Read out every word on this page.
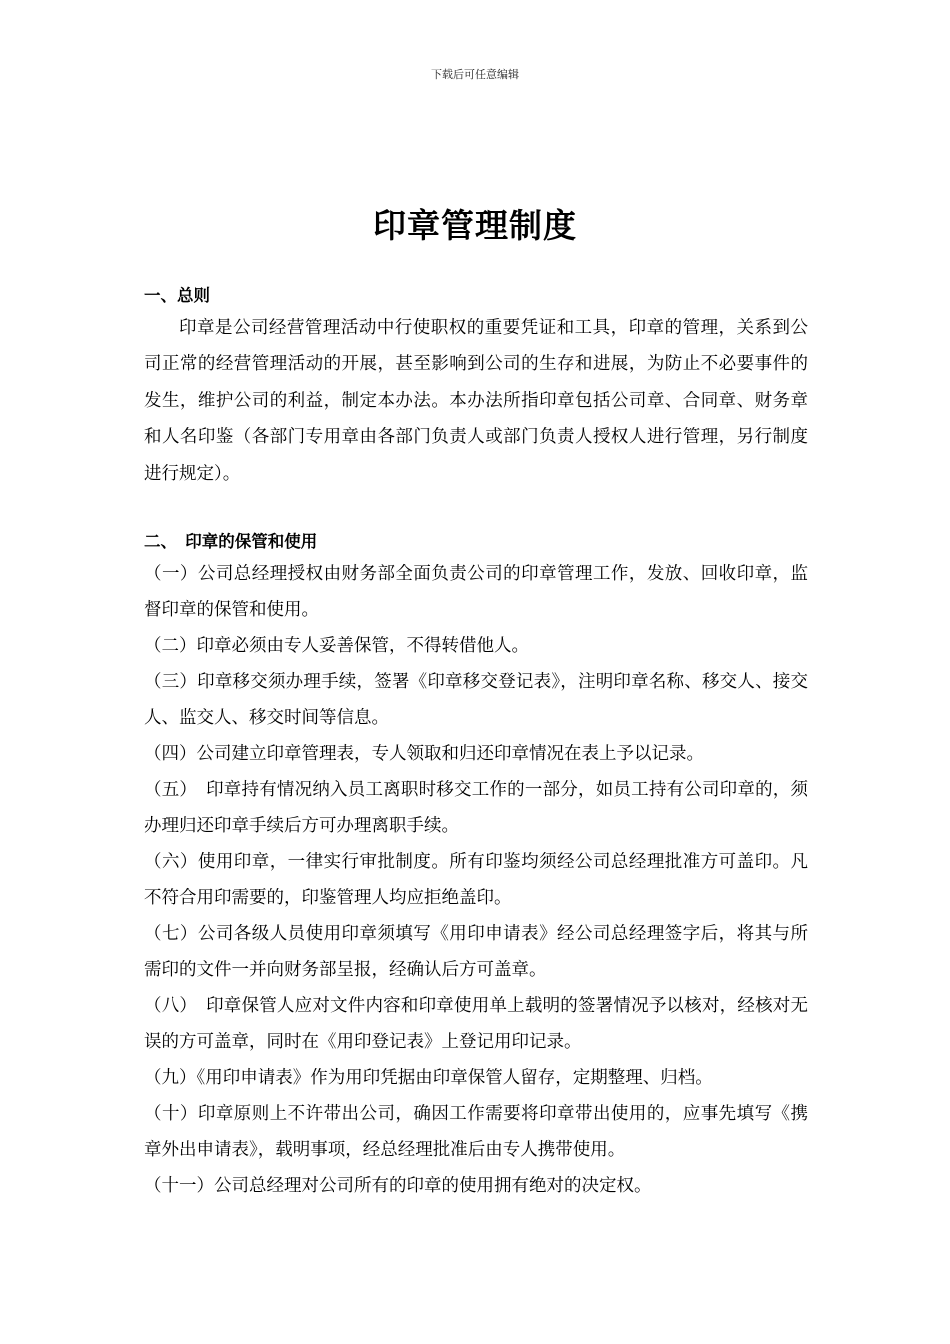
下载后可任意编辑
印章管理制度
一、总则

印章是公司经营管理活动中行使职权的重要凭证和工具，印章的管理，关系到公司正常的经营管理活动的开展，甚至影响到公司的生存和进展，为防止不必要事件的发生，维护公司的利益，制定本办法。本办法所指印章包括公司章、合同章、财务章和人名印鉴（各部门专用章由各部门负责人或部门负责人授权人进行管理，另行制度进行规定）。

二、　印章的保管和使用

（一）公司总经理授权由财务部全面负责公司的印章管理工作，发放、回收印章，监督印章的保管和使用。

（二）印章必须由专人妥善保管，不得转借他人。

（三）印章移交须办理手续，签署《印章移交登记表》，注明印章名称、移交人、接交人、监交人、移交时间等信息。

（四）公司建立印章管理表，专人领取和归还印章情况在表上予以记录。

（五）　印章持有情况纳入员工离职时移交工作的一部分，如员工持有公司印章的，须办理归还印章手续后方可办理离职手续。

（六）使用印章，一律实行审批制度。所有印鉴均须经公司总经理批准方可盖印。凡不符合用印需要的，印鉴管理人均应拒绝盖印。

（七）公司各级人员使用印章须填写《用印申请表》经公司总经理签字后，将其与所需印的文件一并向财务部呈报，经确认后方可盖章。

（八）　印章保管人应对文件内容和印章使用单上载明的签署情况予以核对，经核对无误的方可盖章，同时在《用印登记表》上登记用印记录。

（九）《用印申请表》作为用印凭据由印章保管人留存，定期整理、归档。

（十）印章原则上不许带出公司，确因工作需要将印章带出使用的，应事先填写《携章外出申请表》，载明事项，经总经理批准后由专人携带使用。

（十一）公司总经理对公司所有的印章的使用拥有绝对的决定权。
